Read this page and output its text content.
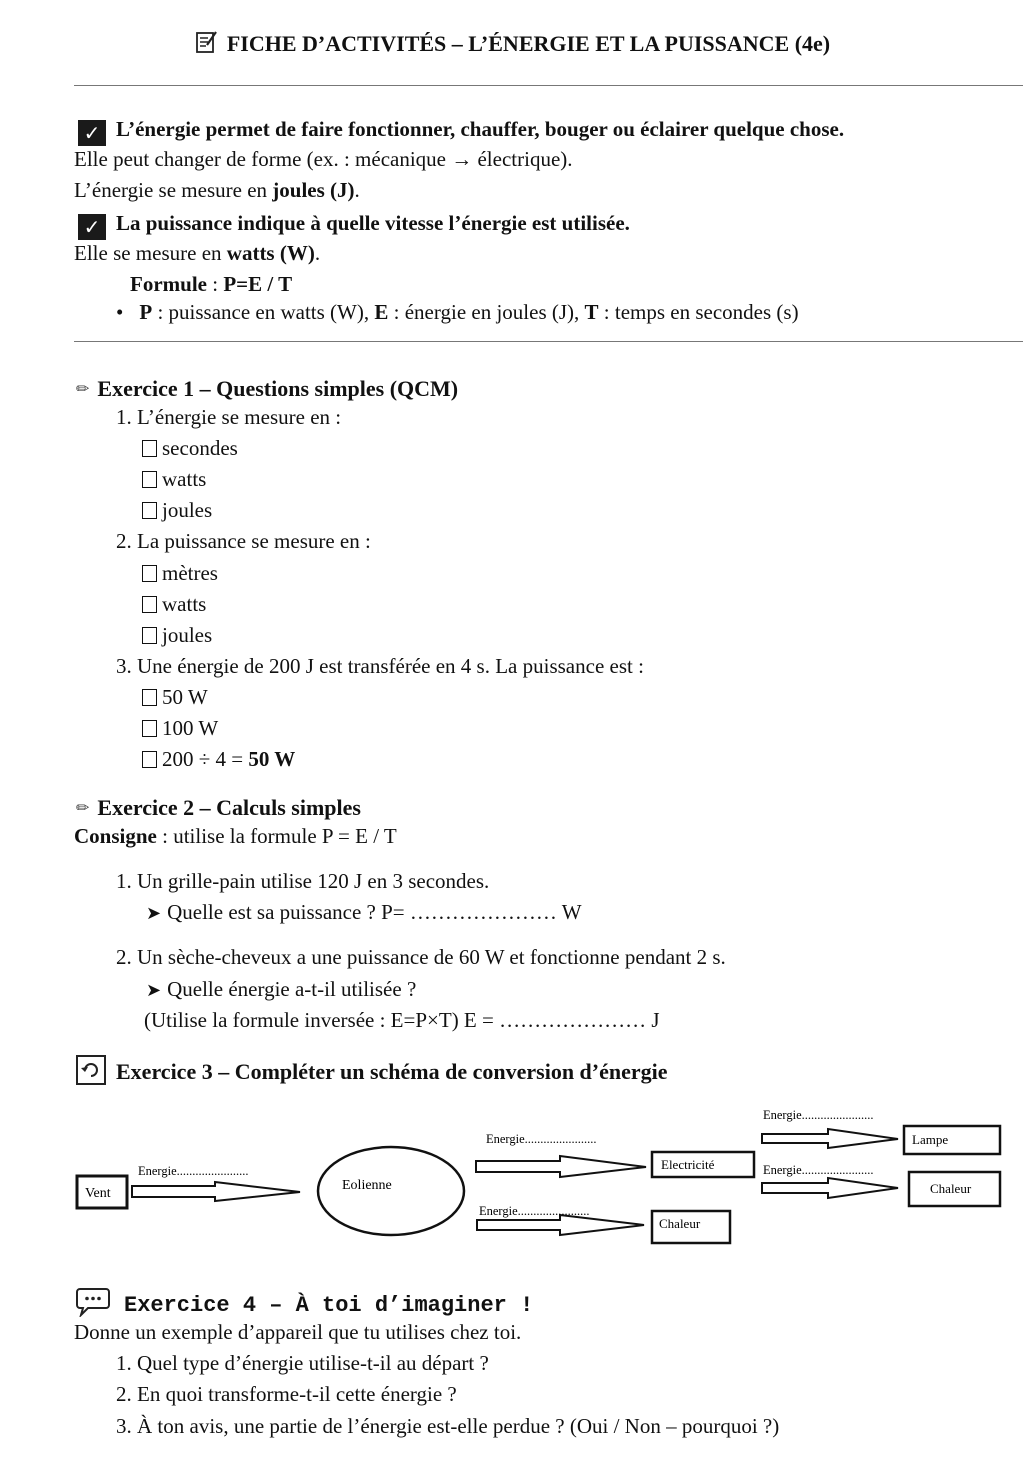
FICHE D’ACTIVITÉS – L’ÉNERGIE ET LA PUISSANCE (4e)
✓ L’énergie permet de faire fonctionner, chauffer, bouger ou éclairer quelque chose.
Elle peut changer de forme (ex. : mécanique → électrique).
L’énergie se mesure en joules (J).
✓ La puissance indique à quelle vitesse l’énergie est utilisée.
Elle se mesure en watts (W).
Formule : P=E / T
• P : puissance en watts (W), E : énergie en joules (J), T : temps en secondes (s)
✏ Exercice 1 – Questions simples (QCM)
1. L’énergie se mesure en :
secondes
watts
joules
2. La puissance se mesure en :
mètres
watts
joules
3. Une énergie de 200 J est transférée en 4 s. La puissance est :
50 W
100 W
200 ÷ 4 = 50 W
✏ Exercice 2 – Calculs simples
Consigne : utilise la formule P = E / T
1. Un grille-pain utilise 120 J en 3 secondes.
➤ Quelle est sa puissance ? P= ………………… W
2. Un sèche-cheveux a une puissance de 60 W et fonctionne pendant 2 s.
➤ Quelle énergie a-t-il utilisée ?
(Utilise la formule inversée : E=P×T) E = ………………… J
Exercice 3 – Compléter un schéma de conversion d’énergie
Vent
Energie.......................
Eolienne
Energie.......................
Energie.......................
Electricité
Chaleur
Energie.......................
Energie.......................
Lampe
Chaleur
Exercice 4 – À toi d’imaginer !
Donne un exemple d’appareil que tu utilises chez toi.
1. Quel type d’énergie utilise-t-il au départ ?
2. En quoi transforme-t-il cette énergie ?
3. À ton avis, une partie de l’énergie est-elle perdue ? (Oui / Non – pourquoi ?)
